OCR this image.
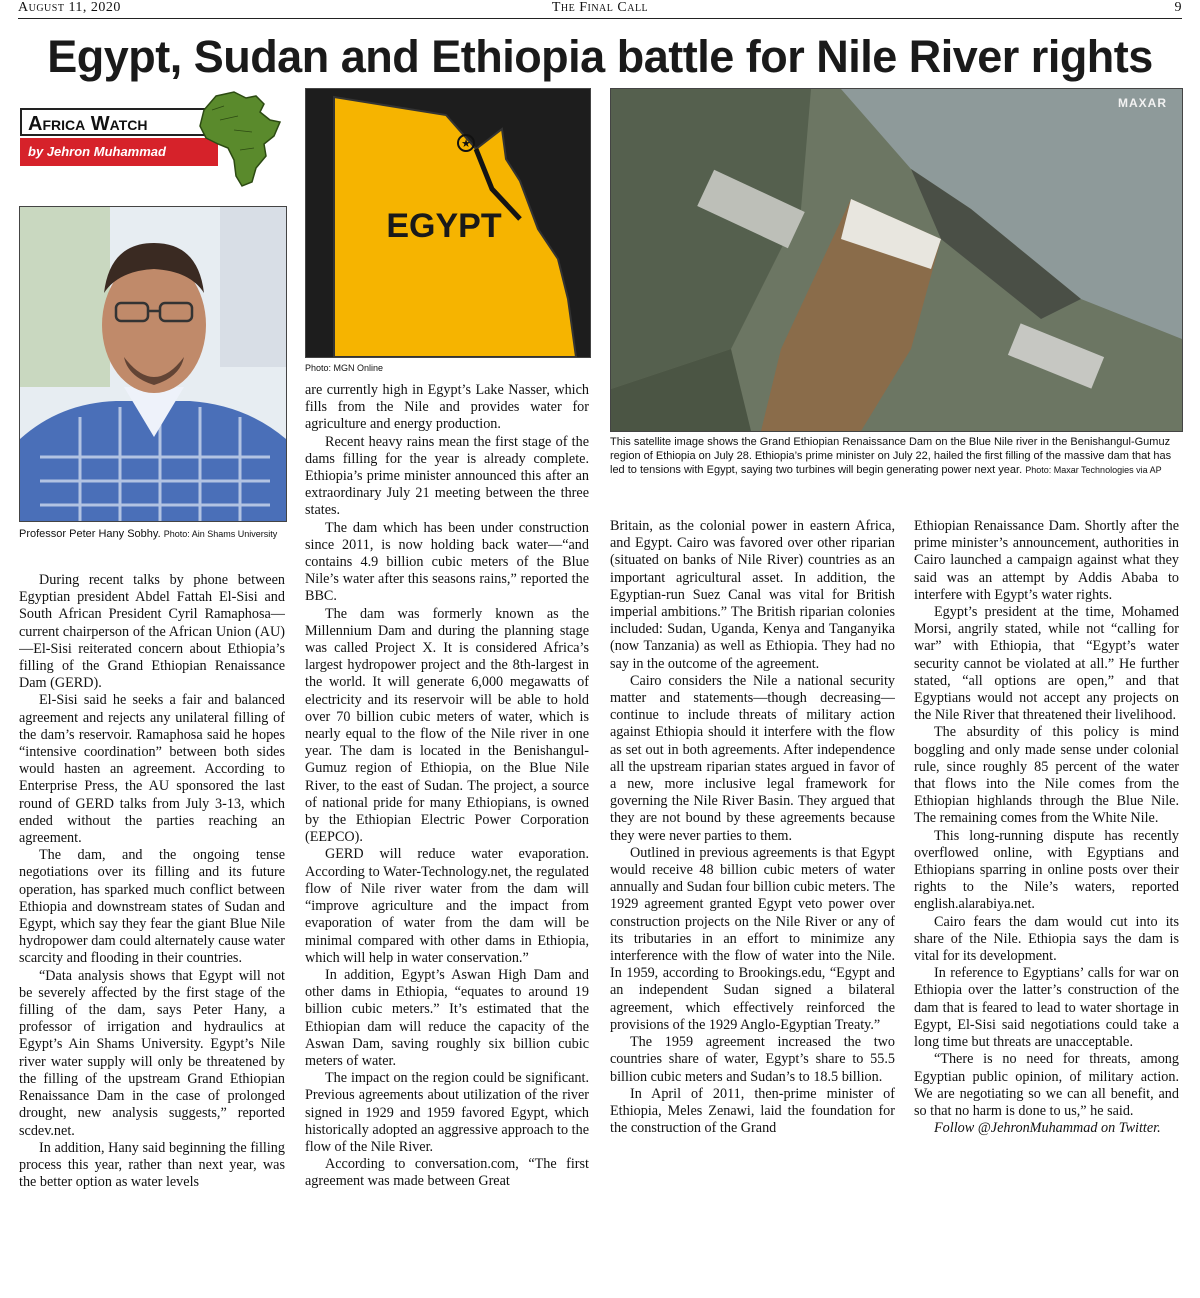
August 11, 2020	The Final Call	9
Egypt, Sudan and Ethiopia battle for Nile River rights
Africa Watch
by Jehron Muhammad
Professor Peter Hany Sobhy. Photo: Ain Shams University
★
EGYPT
Photo: MGN Online
MAXAR
This satellite image shows the Grand Ethiopian Renaissance Dam on the Blue Nile river in the Benishangul-Gumuz region of Ethiopia on July 28. Ethiopia’s prime minister on July 22, hailed the first filling of the massive dam that has led to tensions with Egypt, saying two turbines will begin generating power next year. Photo: Maxar Technologies via AP

During recent talks by phone between Egyptian president Abdel Fattah El-Sisi and South African President Cyril Ramaphosa—current chairperson of the African Union (AU)—El-Sisi reiterated concern about Ethiopia’s filling of the Grand Ethiopian Renaissance Dam (GERD).

El-Sisi said he seeks a fair and balanced agreement and rejects any unilateral filling of the dam’s reservoir. Ramaphosa said he hopes “intensive coordination” between both sides would hasten an agreement. According to Enterprise Press, the AU sponsored the last round of GERD talks from July 3-13, which ended without the parties reaching an agreement.

The dam, and the ongoing tense negotiations over its filling and its future operation, has sparked much conflict between Ethiopia and downstream states of Sudan and Egypt, which say they fear the giant Blue Nile hydropower dam could alternately cause water scarcity and flooding in their countries.

“Data analysis shows that Egypt will not be severely affected by the first stage of the filling of the dam, says Peter Hany, a professor of irrigation and hydraulics at Egypt’s Ain Shams University. Egypt’s Nile river water supply will only be threatened by the filling of the upstream Grand Ethiopian Renaissance Dam in the case of prolonged drought, new analysis suggests,” reported scdev.net.

In addition, Hany said beginning the filling process this year, rather than next year, was the better option as water levels

are currently high in Egypt’s Lake Nasser, which fills from the Nile and provides water for agriculture and energy production.

Recent heavy rains mean the first stage of the dams filling for the year is already complete. Ethiopia’s prime minister announced this after an extraordinary July 21 meeting between the three states.

The dam which has been under construction since 2011, is now holding back water—“and contains 4.9 billion cubic meters of the Blue Nile’s water after this seasons rains,” reported the BBC.

The dam was formerly known as the Millennium Dam and during the planning stage was called Project X. It is considered Africa’s largest hydropower project and the 8th-largest in the world. It will generate 6,000 megawatts of electricity and its reservoir will be able to hold over 70 billion cubic meters of water, which is nearly equal to the flow of the Nile river in one year. The dam is located in the Benishangul-Gumuz region of Ethiopia, on the Blue Nile River, to the east of Sudan. The project, a source of national pride for many Ethiopians, is owned by the Ethiopian Electric Power Corporation (EEPCO).

GERD will reduce water evaporation. According to Water-Technology.net, the regulated flow of Nile river water from the dam will “improve agriculture and the impact from evaporation of water from the dam will be minimal compared with other dams in Ethiopia, which will help in water conservation.”

In addition, Egypt’s Aswan High Dam and other dams in Ethiopia, “equates to around 19 billion cubic meters.” It’s estimated that the Ethiopian dam will reduce the capacity of the Aswan Dam, saving roughly six billion cubic meters of water.

The impact on the region could be significant. Previous agreements about utilization of the river signed in 1929 and 1959 favored Egypt, which historically adopted an aggressive approach to the flow of the Nile River.

According to conversation.com, “The first agreement was made between Great

Britain, as the colonial power in eastern Africa, and Egypt. Cairo was favored over other riparian (situated on banks of Nile River) countries as an important agricultural asset. In addition, the Egyptian-run Suez Canal was vital for British imperial ambitions.” The British riparian colonies included: Sudan, Uganda, Kenya and Tanganyika (now Tanzania) as well as Ethiopia. They had no say in the outcome of the agreement.

Cairo considers the Nile a national security matter and statements—though decreasing—continue to include threats of military action against Ethiopia should it interfere with the flow as set out in both agreements. After independence all the upstream riparian states argued in favor of a new, more inclusive legal framework for governing the Nile River Basin. They argued that they are not bound by these agreements because they were never parties to them.

Outlined in previous agreements is that Egypt would receive 48 billion cubic meters of water annually and Sudan four billion cubic meters. The 1929 agreement granted Egypt veto power over construction projects on the Nile River or any of its tributaries in an effort to minimize any interference with the flow of water into the Nile. In 1959, according to Brookings.edu, “Egypt and an independent Sudan signed a bilateral agreement, which effectively reinforced the provisions of the 1929 Anglo-Egyptian Treaty.”

The 1959 agreement increased the two countries share of water, Egypt’s share to 55.5 billion cubic meters and Sudan’s to 18.5 billion.

In April of 2011, then-prime minister of Ethiopia, Meles Zenawi, laid the foundation for the construction of the Grand

Ethiopian Renaissance Dam. Shortly after the prime minister’s announcement, authorities in Cairo launched a campaign against what they said was an attempt by Addis Ababa to interfere with Egypt’s water rights.

Egypt’s president at the time, Mohamed Morsi, angrily stated, while not “calling for war” with Ethiopia, that “Egypt’s water security cannot be violated at all.” He further stated, “all options are open,” and that Egyptians would not accept any projects on the Nile River that threatened their livelihood.

The absurdity of this policy is mind boggling and only made sense under colonial rule, since roughly 85 percent of the water that flows into the Nile comes from the Ethiopian highlands through the Blue Nile. The remaining comes from the White Nile.

This long-running dispute has recently overflowed online, with Egyptians and Ethiopians sparring in online posts over their rights to the Nile’s waters, reported english.alarabiya.net.

Cairo fears the dam would cut into its share of the Nile. Ethiopia says the dam is vital for its development.

In reference to Egyptians’ calls for war on Ethiopia over the latter’s construction of the dam that is feared to lead to water shortage in Egypt, El-Sisi said negotiations could take a long time but threats are unacceptable.

“There is no need for threats, among Egyptian public opinion, of military action. We are negotiating so we can all benefit, and so that no harm is done to us,” he said.

Follow @JehronMuhammad on Twitter.
